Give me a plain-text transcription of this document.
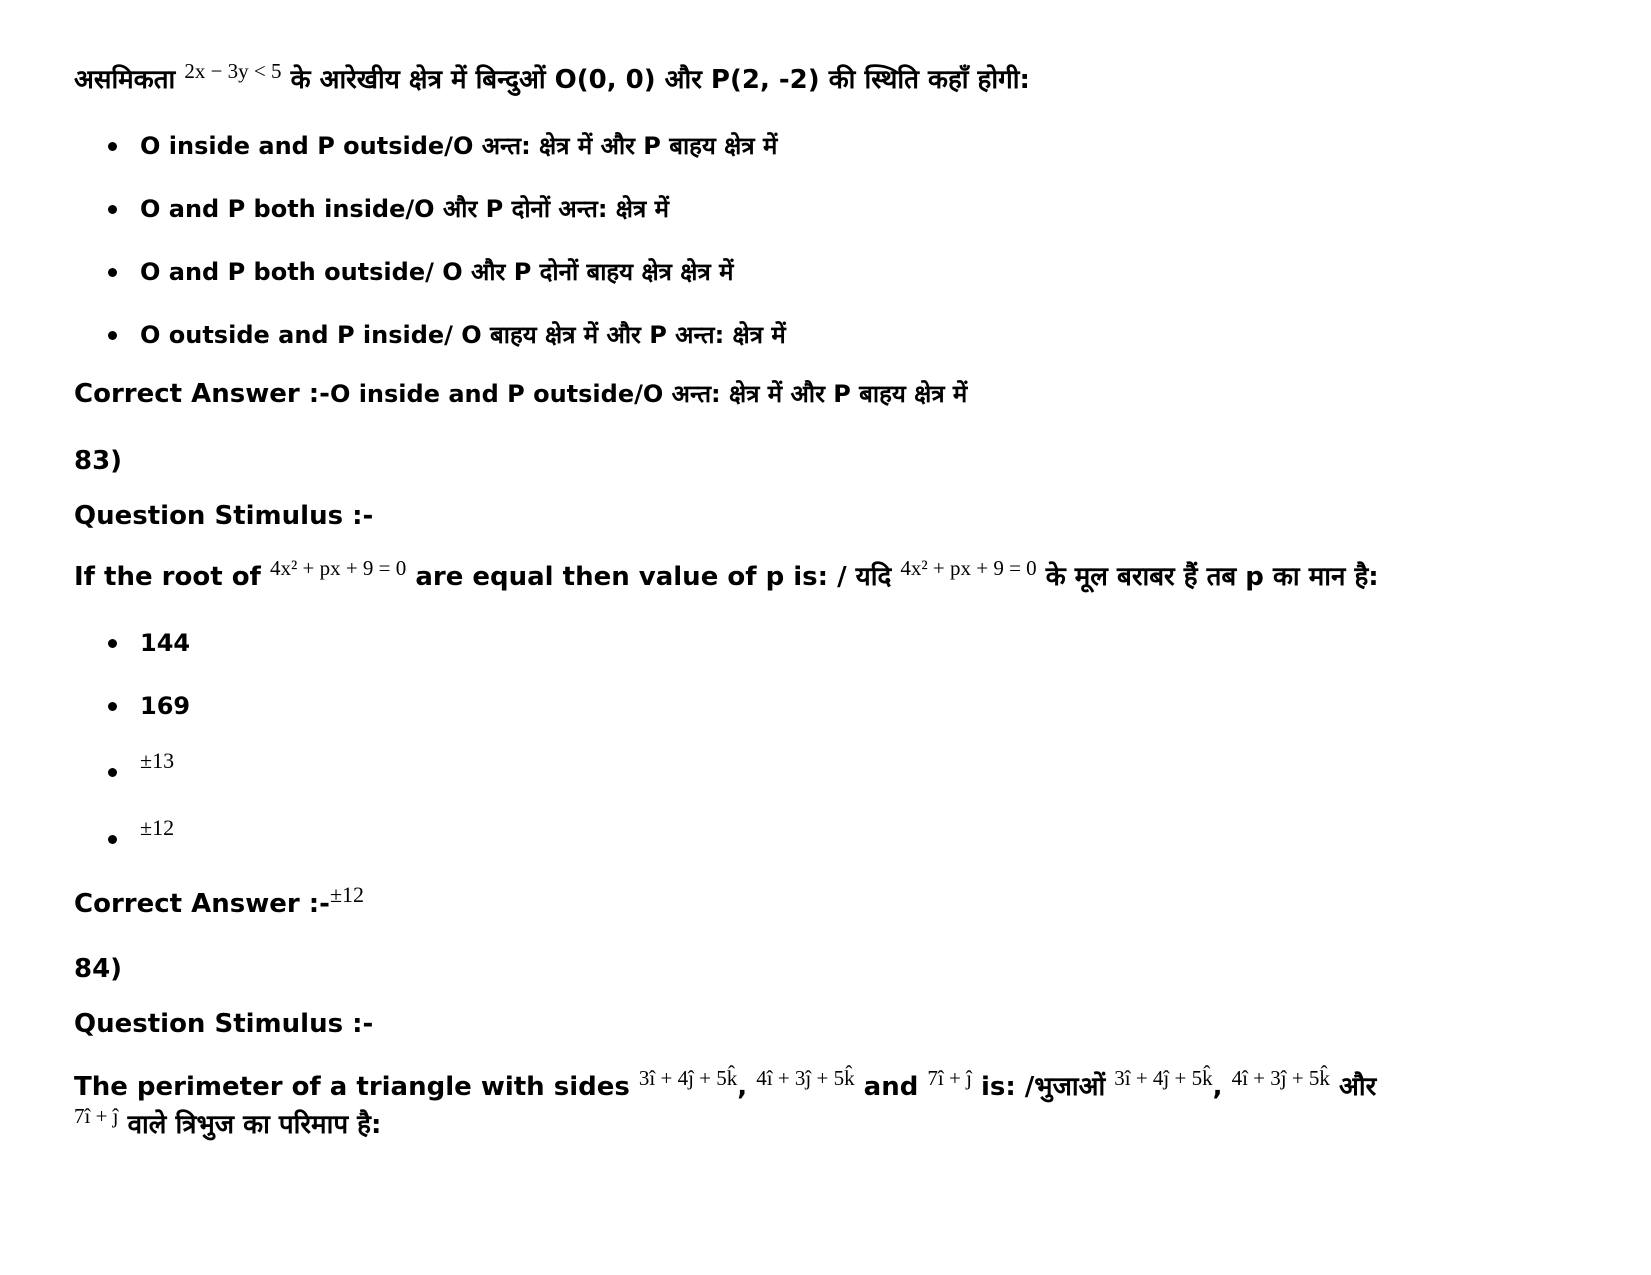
असमिकता $^{2x - 3y < 5}$ के आरेखीय क्षेत्र में बिन्दुओं O(0, 0) और P(2, -2) की स्थिति कहाँ होगी:
O inside and P outside/O अन्त: क्षेत्र में और P बाहय क्षेत्र में
O and P both inside/O और P दोनों अन्त: क्षेत्र में
O and P both outside/ O और P दोनों बाहय क्षेत्र क्षेत्र में
O outside and P inside/ O बाहय क्षेत्र में और P अन्त: क्षेत्र में
Correct Answer :-O inside and P outside/O अन्त: क्षेत्र में और P बाहय क्षेत्र में
83)
Question Stimulus :-
If the root of $^{4x^2 + px + 9 = 0}$ are equal then value of p is: / यदि $^{4x^2 + px + 9 = 0}$ के मूल बराबर हैं तब p का मान है:
144
169
±13
±12
Correct Answer :-$^{\pm 12}$
84)
Question Stimulus :-
The perimeter of a triangle with sides $^{3î + 4ĵ + 5k̂}$, $^{4î + 3ĵ + 5k̂}$ and $^{7î + ĵ}$ is: /भुजाओं $^{3î + 4ĵ + 5k̂}$, $^{4î + 3ĵ + 5k̂}$ और
$^{7î + ĵ}$ वाले त्रिभुज का परिमाप है:
